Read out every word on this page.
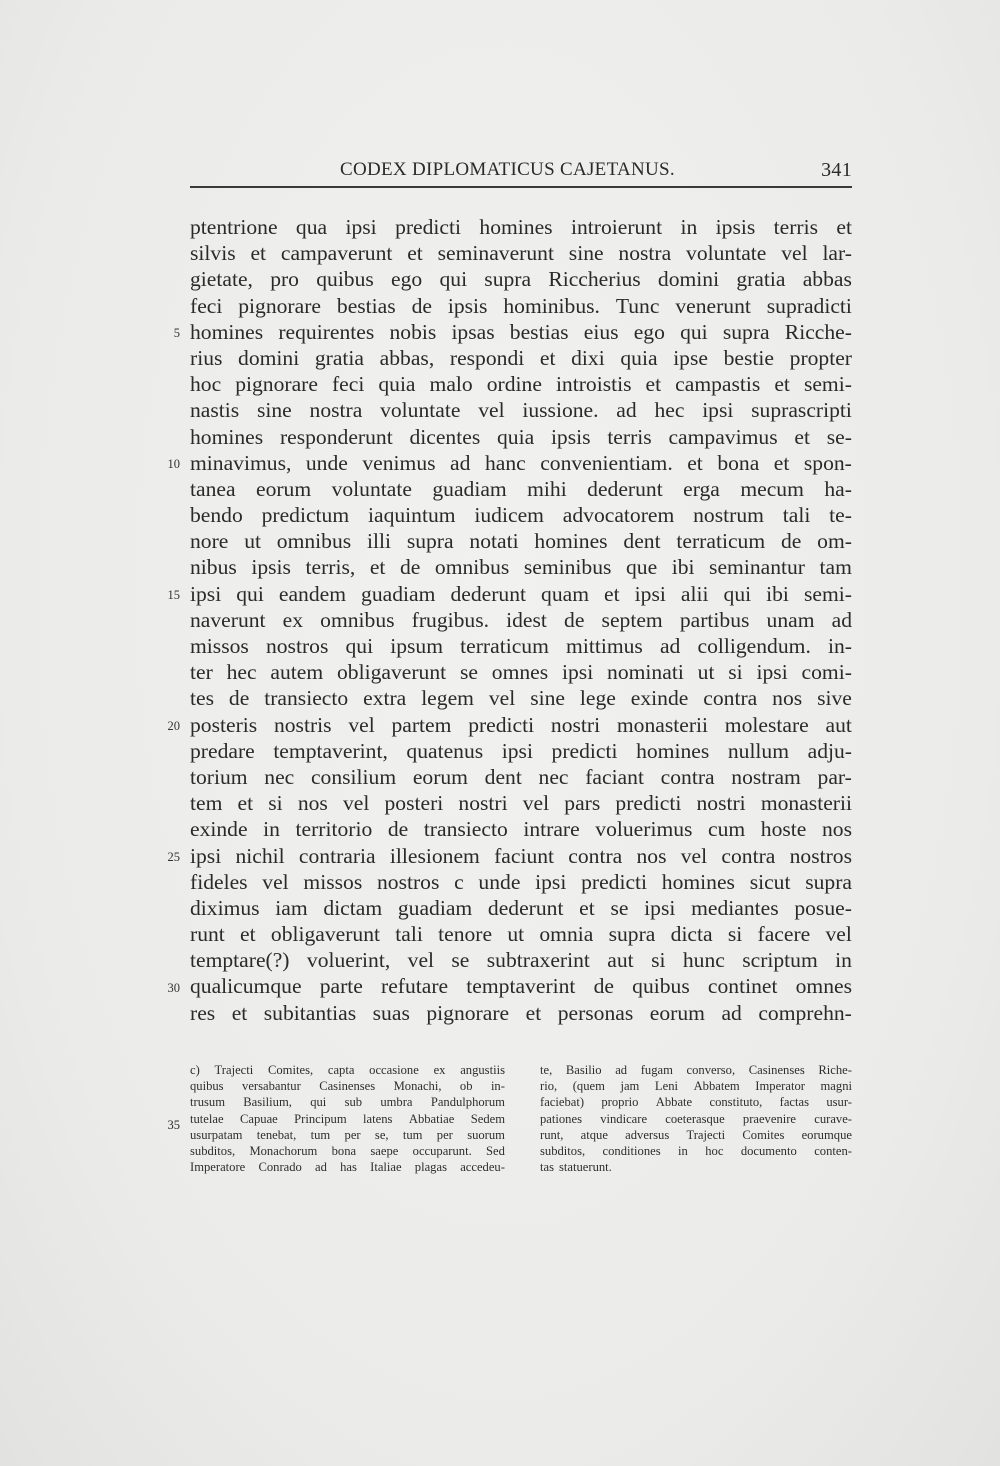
CODEX DIPLOMATICUS CAJETANUS.	341
ptentrione qua ipsi predicti homines introierunt in ipsis terris et
silvis et campaverunt et seminaverunt sine nostra voluntate vel lar-
gietate, pro quibus ego qui supra Riccherius domini gratia abbas
feci pignorare bestias de ipsis hominibus. Tunc venerunt supradicti
homines requirentes nobis ipsas bestias eius ego qui supra Ricche-
rius domini gratia abbas, respondi et dixi quia ipse bestie propter
hoc pignorare feci quia malo ordine introistis et campastis et semi-
nastis sine nostra voluntate vel iussione. ad hec ipsi suprascripti
homines responderunt dicentes quia ipsis terris campavimus et se-
minavimus, unde venimus ad hanc convenientiam. et bona et spon-
tanea eorum voluntate guadiam mihi dederunt erga mecum ha-
bendo predictum iaquintum iudicem advocatorem nostrum tali te-
nore ut omnibus illi supra notati homines dent terraticum de om-
nibus ipsis terris, et de omnibus seminibus que ibi seminantur tam
ipsi qui eandem guadiam dederunt quam et ipsi alii qui ibi semi-
naverunt ex omnibus frugibus. idest de septem partibus unam ad
missos nostros qui ipsum terraticum mittimus ad colligendum. in-
ter hec autem obligaverunt se omnes ipsi nominati ut si ipsi comi-
tes de transiecto extra legem vel sine lege exinde contra nos sive
posteris nostris vel partem predicti nostri monasterii molestare aut
predare temptaverint, quatenus ipsi predicti homines nullum adju-
torium nec consilium eorum dent nec faciant contra nostram par-
tem et si nos vel posteri nostri vel pars predicti nostri monasterii
exinde in territorio de transiecto intrare voluerimus cum hoste nos
ipsi nichil contraria illesionem faciunt contra nos vel contra nostros
fideles vel missos nostros c unde ipsi predicti homines sicut supra
diximus iam dictam guadiam dederunt et se ipsi mediantes posue-
runt et obligaverunt tali tenore ut omnia supra dicta si facere vel
temptare(?) voluerint, vel se subtraxerint aut si hunc scriptum in
qualicumque parte refutare temptaverint de quibus continet omnes
res et subitantias suas pignorare et personas eorum ad comprehn-
5
10
15
20
25
30
c) Trajecti Comites, capta occasione ex angustiis
quibus versabantur Casinenses Monachi, ob in-
trusum Basilium, qui sub umbra Pandulphorum
tutelae Capuae Principum latens Abbatiae Sedem
usurpatam tenebat, tum per se, tum per suorum
subditos, Monachorum bona saepe occuparunt. Sed
Imperatore Conrado ad has Italiae plagas accedeu-
te, Basilio ad fugam converso, Casinenses Riche-
rio, (quem jam Leni Abbatem Imperator magni
faciebat) proprio Abbate constituto, factas usur-
pationes vindicare coeterasque praevenire curave-
runt, atque adversus Trajecti Comites eorumque
subditos, conditiones in hoc documento conten-
tas statuerunt.
35
